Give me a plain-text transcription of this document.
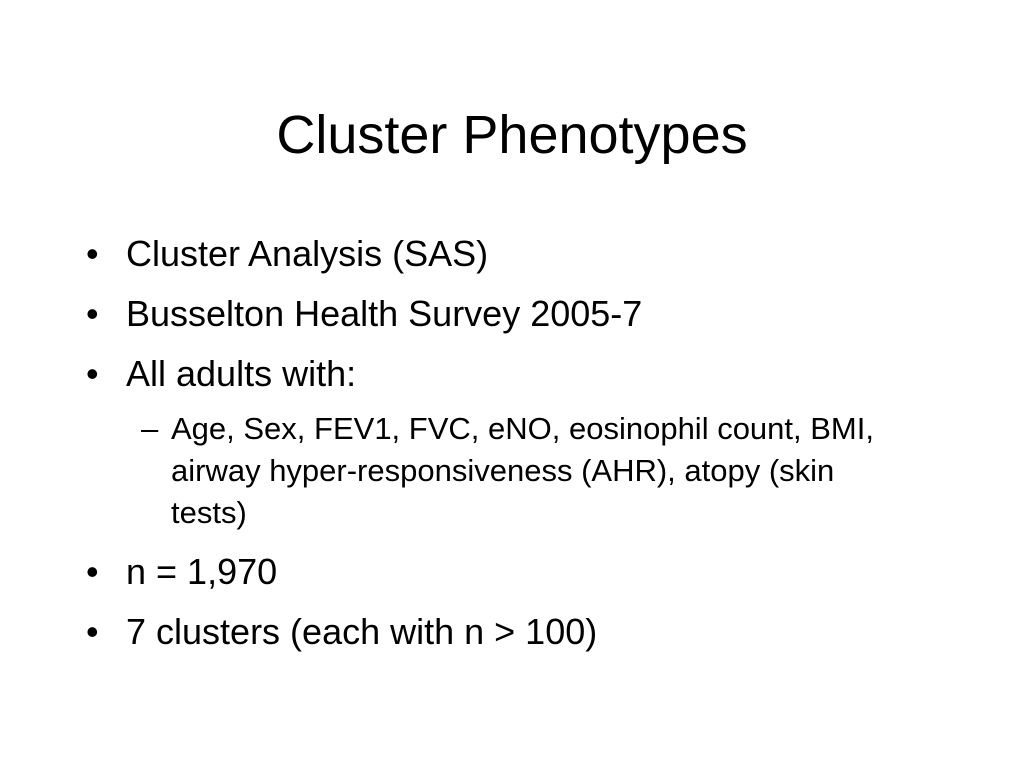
Cluster Phenotypes
• Cluster Analysis (SAS)
• Busselton Health Survey 2005-7
• All adults with:
– Age, Sex, FEV1, FVC, eNO, eosinophil count, BMI, airway hyper-responsiveness (AHR), atopy (skin tests)
• n = 1,970
• 7 clusters (each with n > 100)
